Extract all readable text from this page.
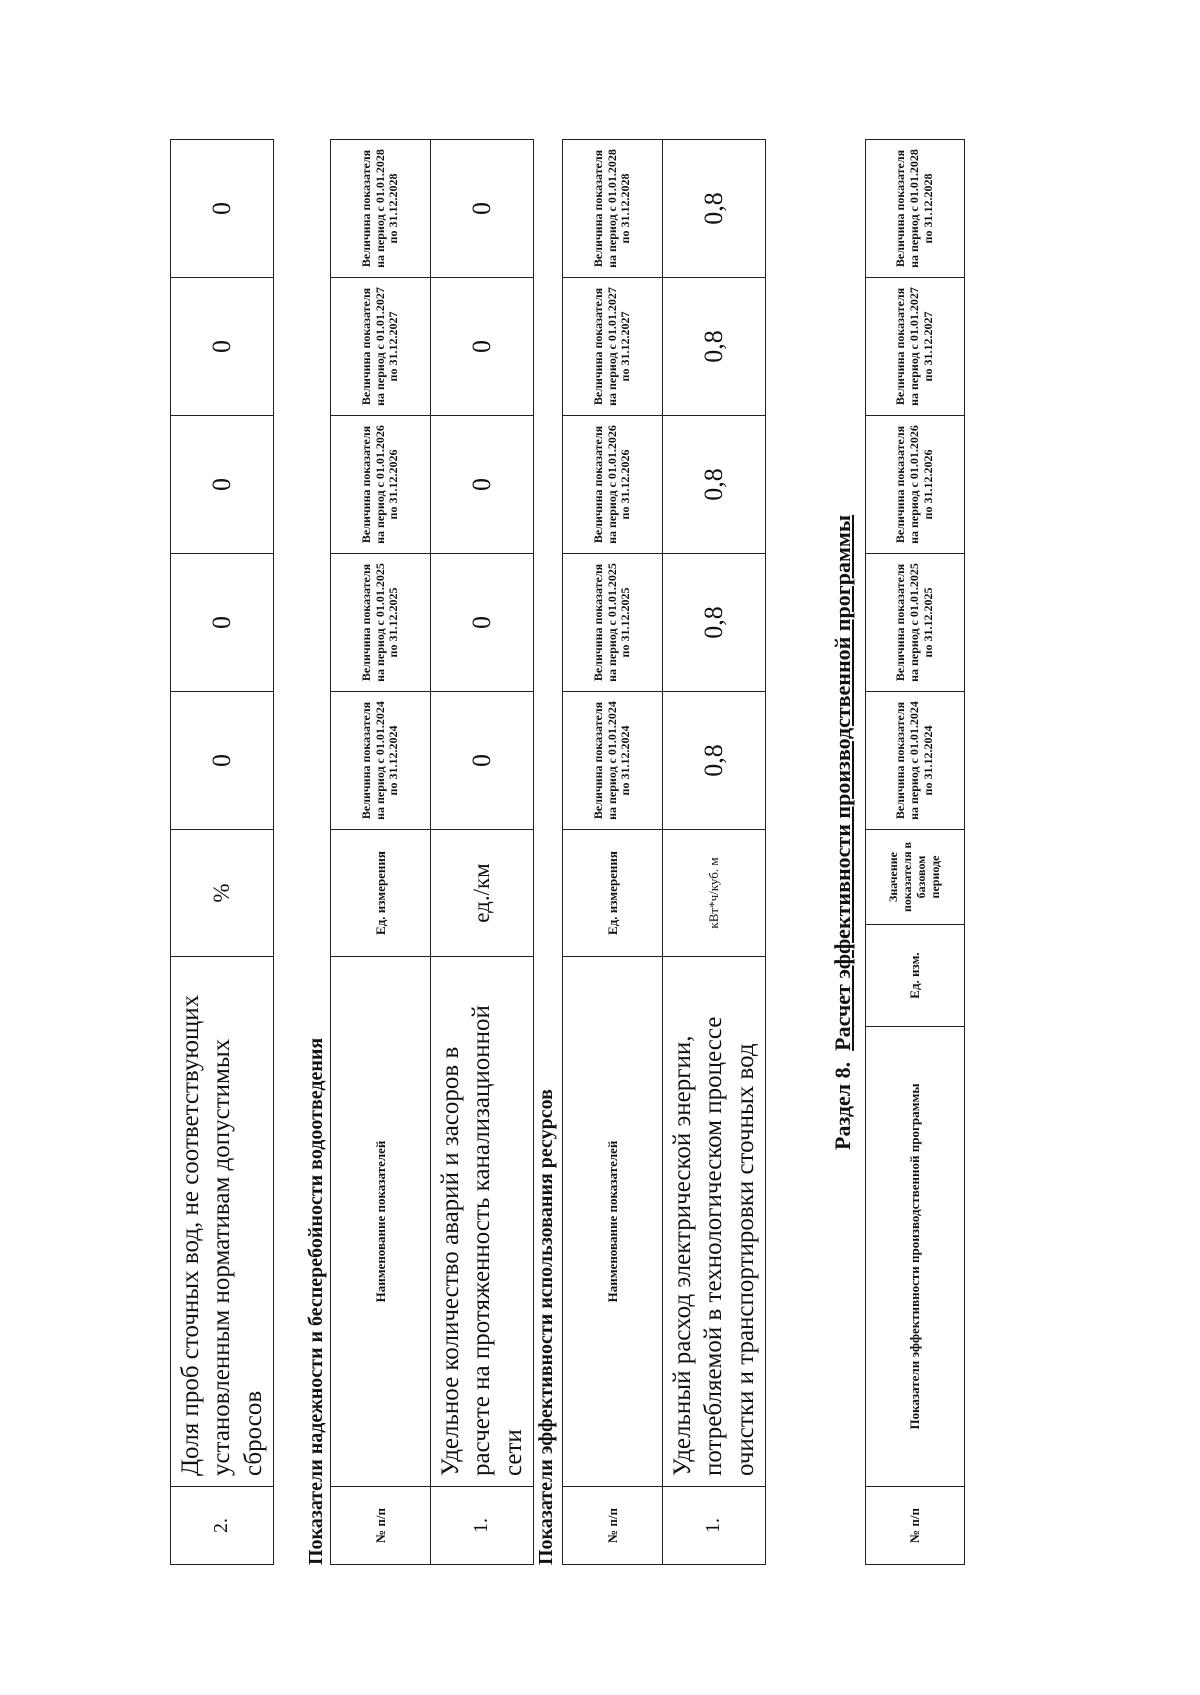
2.	Доля проб сточных вод, не соответствующих установленным нормативам допустимых сбросов	%	0	0	0	0	0
Показатели надежности и бесперебойности водоотведения	№ п/п	Наименование показателей	Ед. измерения	Величина показателя на период с 01.01.2024 по 31.12.2024	Величина показателя на период с 01.01.2025 по 31.12.2025	Величина показателя на период с 01.01.2026 по 31.12.2026	Величина показателя на период с 01.01.2027 по 31.12.2027	Величина показателя на период с 01.01.2028 по 31.12.2028
1.	Удельное количество аварий и засоров в расчете на протяженность канализационной сети	ед./км	0	0	0	0	0
Показатели эффективности использования ресурсов	№ п/п	Наименование показателей	Ед. измерения	Величина показателя на период с 01.01.2024 по 31.12.2024	Величина показателя на период с 01.01.2025 по 31.12.2025	Величина показателя на период с 01.01.2026 по 31.12.2026	Величина показателя на период с 01.01.2027 по 31.12.2027	Величина показателя на период с 01.01.2028 по 31.12.2028
1.	Удельный расход электрической энергии, потребляемой в технологическом процессе очистки и транспортировки сточных вод	кВт*ч/куб. м	0,8	0,8	0,8	0,8	0,8
Раздел 8.  Расчет эффективности производственной программы
№ п/п	Показатели эффективности производственной программы	Ед. изм.	Значение показателя в базовом периоде	Величина показателя на период с 01.01.2024 по 31.12.2024	Величина показателя на период с 01.01.2025 по 31.12.2025	Величина показателя на период с 01.01.2026 по 31.12.2026	Величина показателя на период с 01.01.2027 по 31.12.2027	Величина показателя на период с 01.01.2028 по 31.12.2028
